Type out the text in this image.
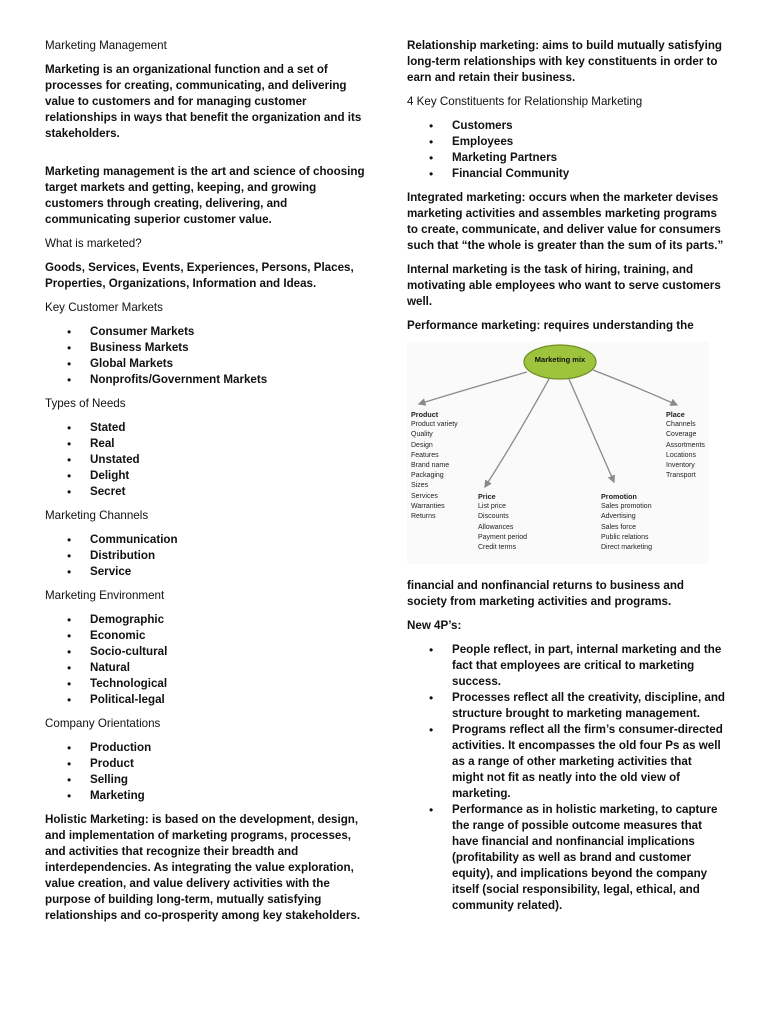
Marketing Management

Marketing is an organizational function and a set of processes for creating, communicating, and delivering value to customers and for managing customer relationships in ways that benefit the organization and its stakeholders.

Marketing management is the art and science of choosing target markets and getting, keeping, and growing customers through creating, delivering, and communicating superior customer value.

What is marketed?

Goods, Services, Events, Experiences, Persons, Places, Properties, Organizations, Information and Ideas.

Key Customer Markets

• Consumer Markets
• Business Markets
• Global Markets
• Nonprofits/Government Markets

Types of Needs

• Stated
• Real
• Unstated
• Delight
• Secret

Marketing Channels

• Communication
• Distribution
• Service

Marketing Environment

• Demographic
• Economic
• Socio-cultural
• Natural
• Technological
• Political-legal

Company Orientations

• Production
• Product
• Selling
• Marketing

Holistic Marketing: is based on the development, design, and implementation of marketing programs, processes, and activities that recognize their breadth and interdependencies. As integrating the value exploration, value creation, and value delivery activities with the purpose of building long-term, mutually satisfying relationships and co-prosperity among key stakeholders.

Relationship marketing: aims to build mutually satisfying long-term relationships with key constituents in order to earn and retain their business.

4 Key Constituents for Relationship Marketing

• Customers
• Employees
• Marketing Partners
• Financial Community

Integrated marketing: occurs when the marketer devises marketing activities and assembles marketing programs to create, communicate, and deliver value for consumers such that “the whole is greater than the sum of its parts.”

Internal marketing is the task of hiring, training, and motivating able employees who want to serve customers well.

Performance marketing: requires understanding the

Marketing mix
Product
Product variety
Quality
Design
Features
Brand name
Packaging
Sizes
Services
Warranties
Returns
Price
List price
Discounts
Allowances
Payment period
Credit terms
Promotion
Sales promotion
Advertising
Sales force
Public relations
Direct marketing
Place
Channels
Coverage
Assortments
Locations
Inventory
Transport

financial and nonfinancial returns to business and society from marketing activities and programs.

New 4P’s:

• People reflect, in part, internal marketing and the fact that employees are critical to marketing success.
• Processes reflect all the creativity, discipline, and structure brought to marketing management.
• Programs reflect all the firm’s consumer-directed activities. It encompasses the old four Ps as well as a range of other marketing activities that might not fit as neatly into the old view of marketing.
• Performance as in holistic marketing, to capture the range of possible outcome measures that have financial and nonfinancial implications (profitability as well as brand and customer equity), and implications beyond the company itself (social responsibility, legal, ethical, and community related).
